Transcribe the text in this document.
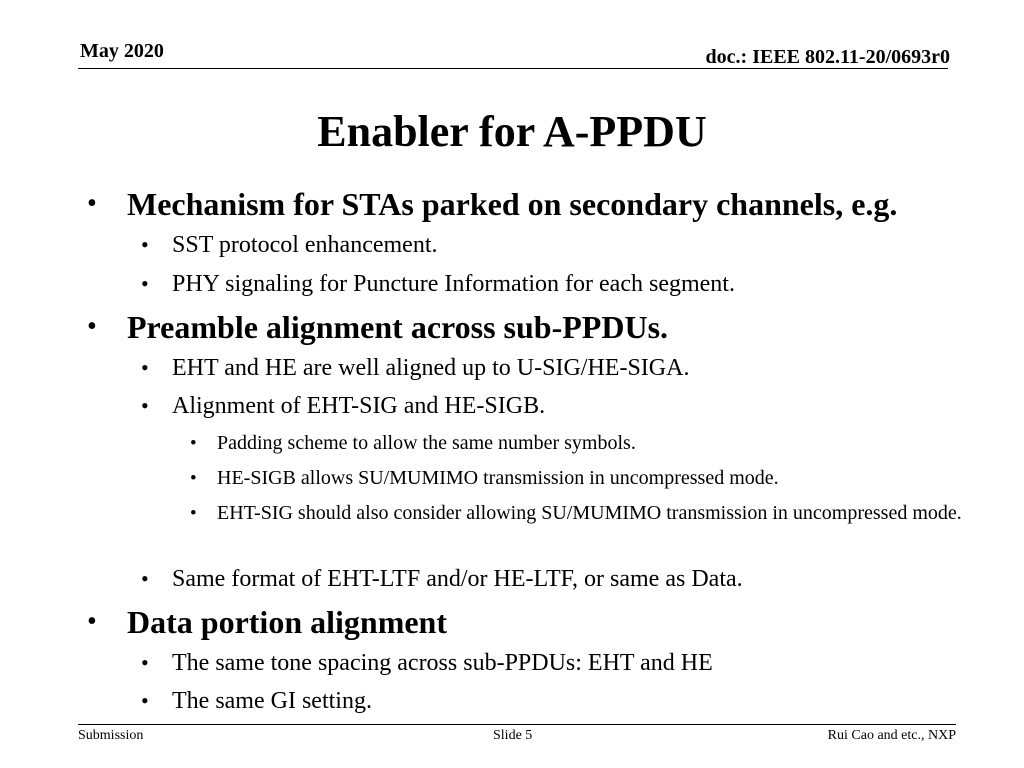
May 2020	doc.: IEEE 802.11-20/0693r0
Enabler for A-PPDU
• Mechanism for STAs parked on secondary channels, e.g.
• SST protocol enhancement.
• PHY signaling for Puncture Information for each segment.
• Preamble alignment across sub-PPDUs.
• EHT and HE are well aligned up to U-SIG/HE-SIGA.
• Alignment of EHT-SIG and HE-SIGB.
• Padding scheme to allow the same number symbols.
• HE-SIGB allows SU/MUMIMO transmission in uncompressed mode.
• EHT-SIG should also consider allowing SU/MUMIMO transmission in uncompressed mode.
• Same format of EHT-LTF and/or HE-LTF, or same as Data.
• Data portion alignment
• The same tone spacing across sub-PPDUs: EHT and HE
• The same GI setting.
Submission	Slide 5	Rui Cao and etc., NXP
